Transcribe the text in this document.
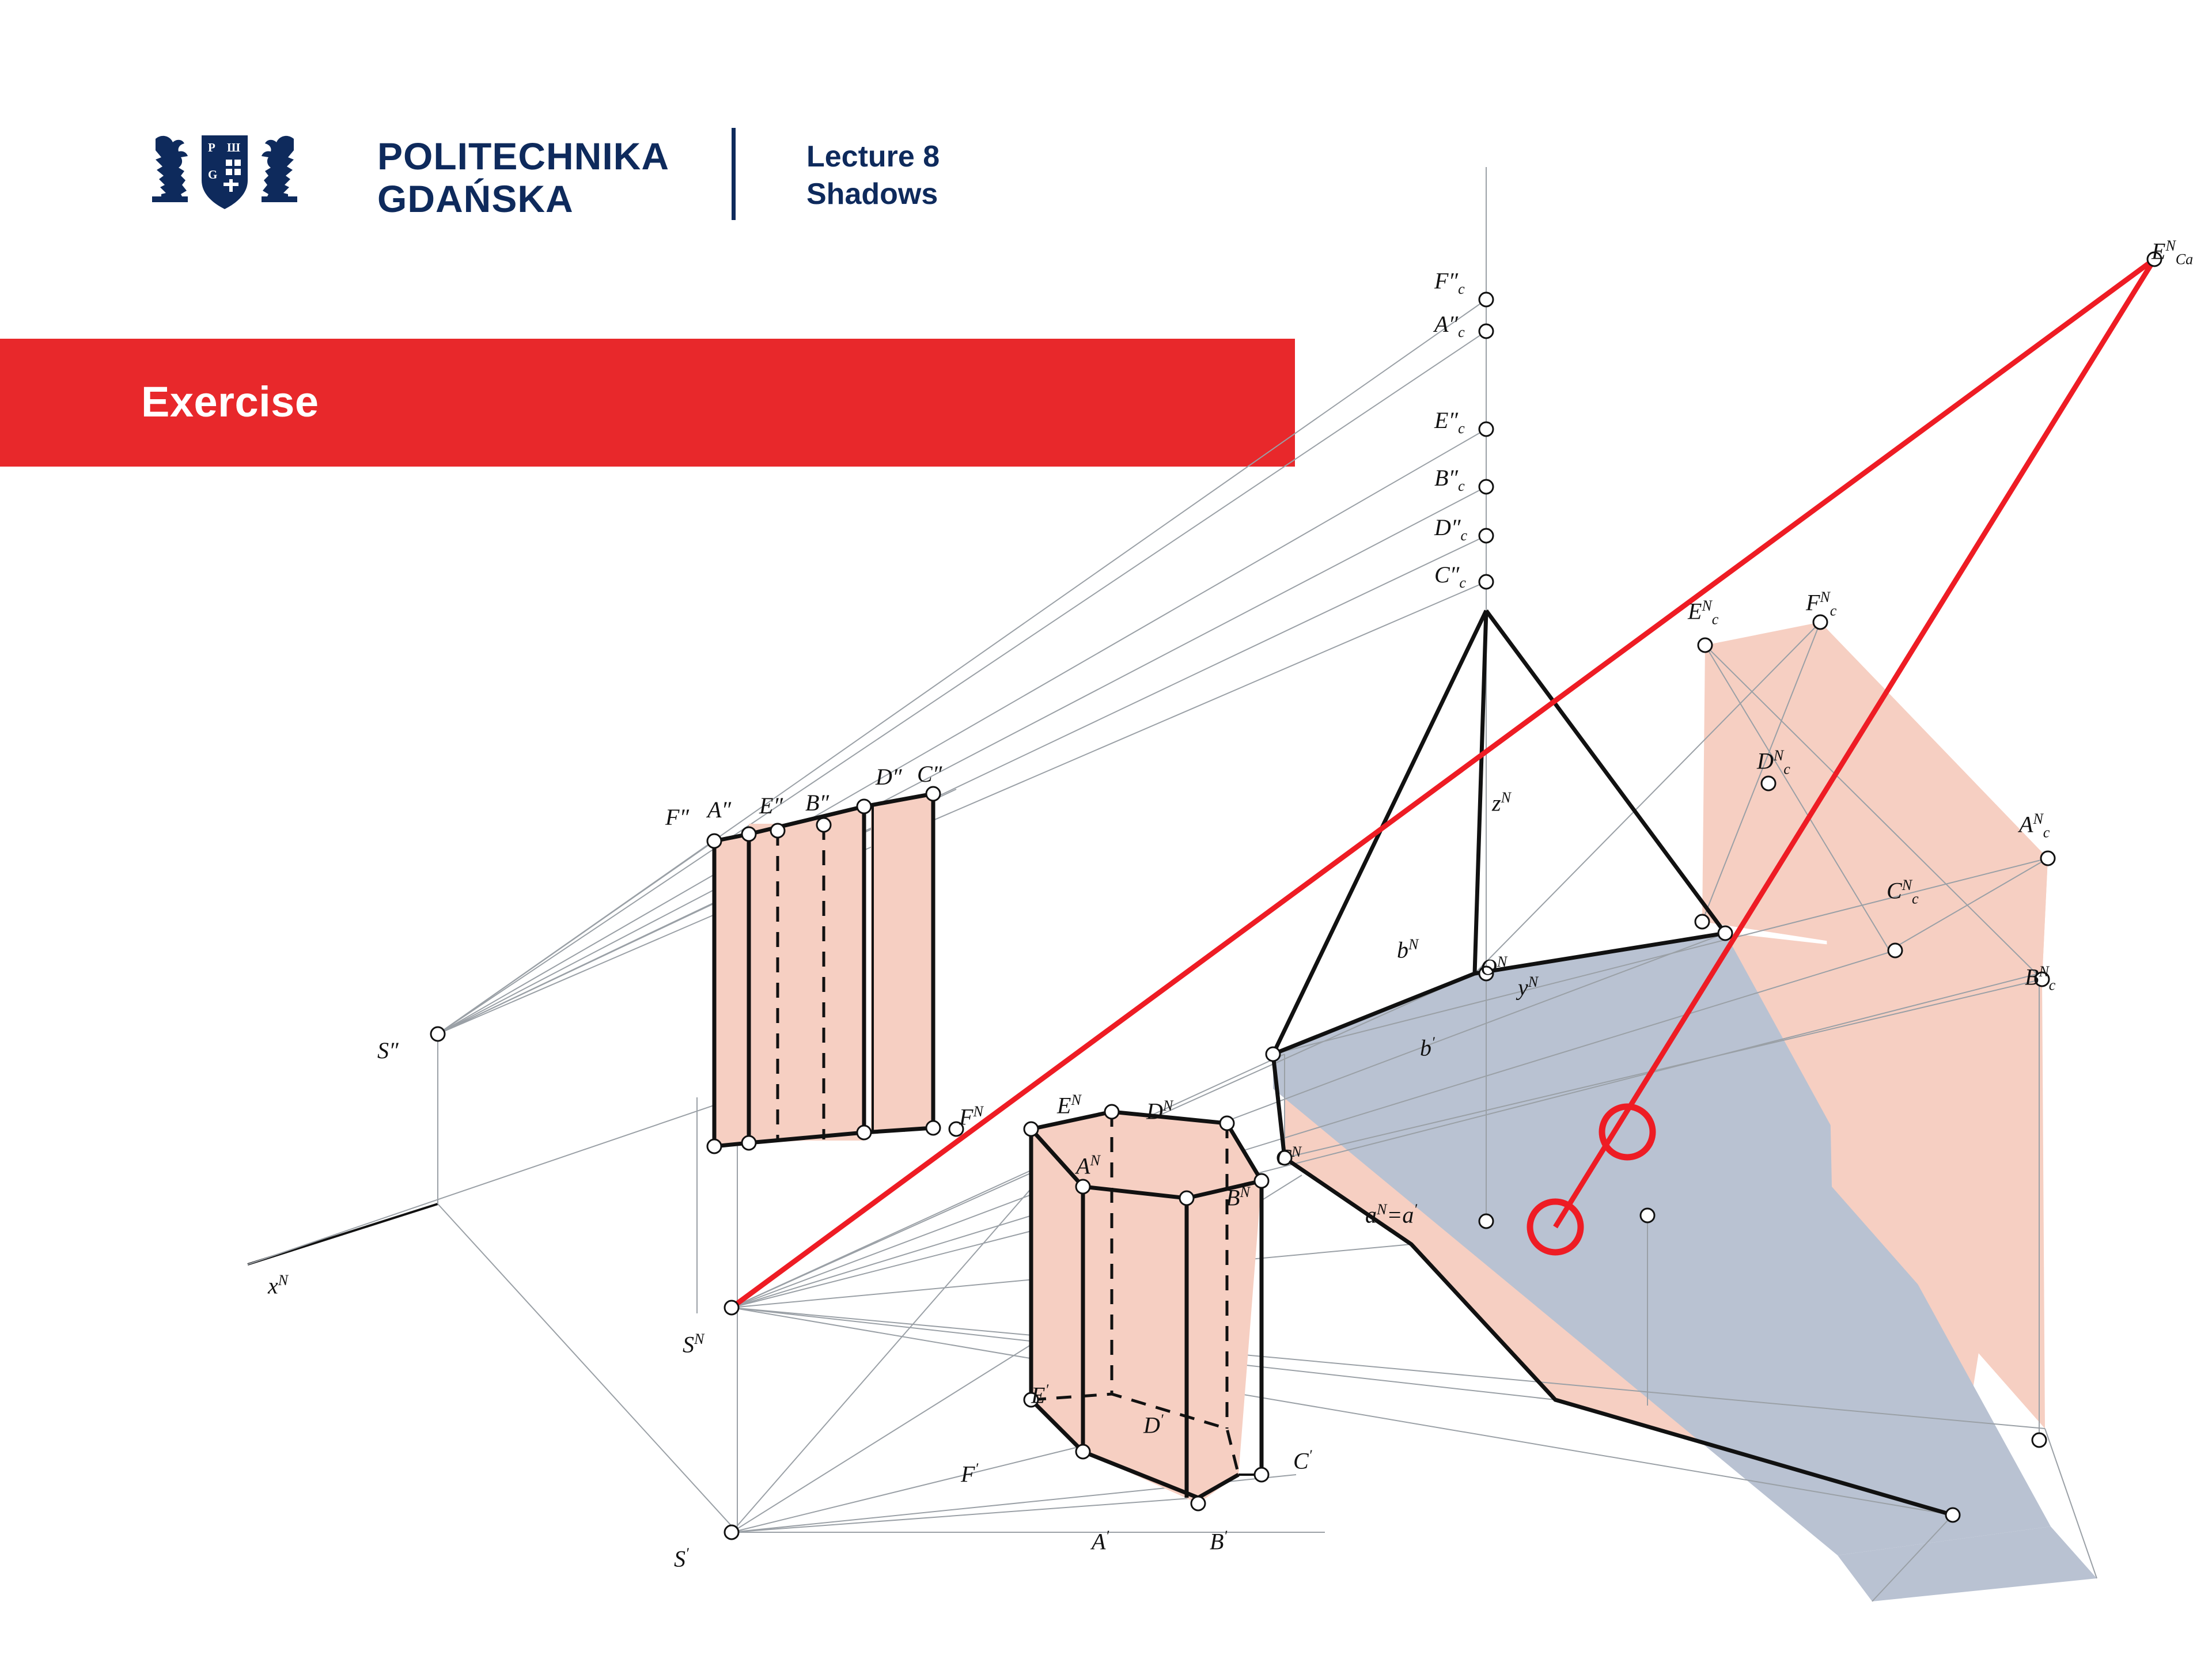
P
G
Ш	POLITECHNIKA
GDAŃSKA
Lecture 8
Shadows
Exercise
$F''_c$
$A''_c$
$E''_c$
$B''_c$
$D''_c$
$C''_c$
$E^N_{Ca}$
$E^N_c$
$F^N_c$
$D^N_c$
$A^N_c$
$C^N_c$
$B^N_c$
$z^N$
$b^N$
$O^N$
$y^N$
b′
$a^N=a'$
F″ A″ E″ B″
D″ C″
S″
$x^N$
$S^N$
S′
$F^N$	$E^N$	$D^N$
$A^N$	$C^N$
$B^N$
E′
D′
F′	C′
A′	B′
